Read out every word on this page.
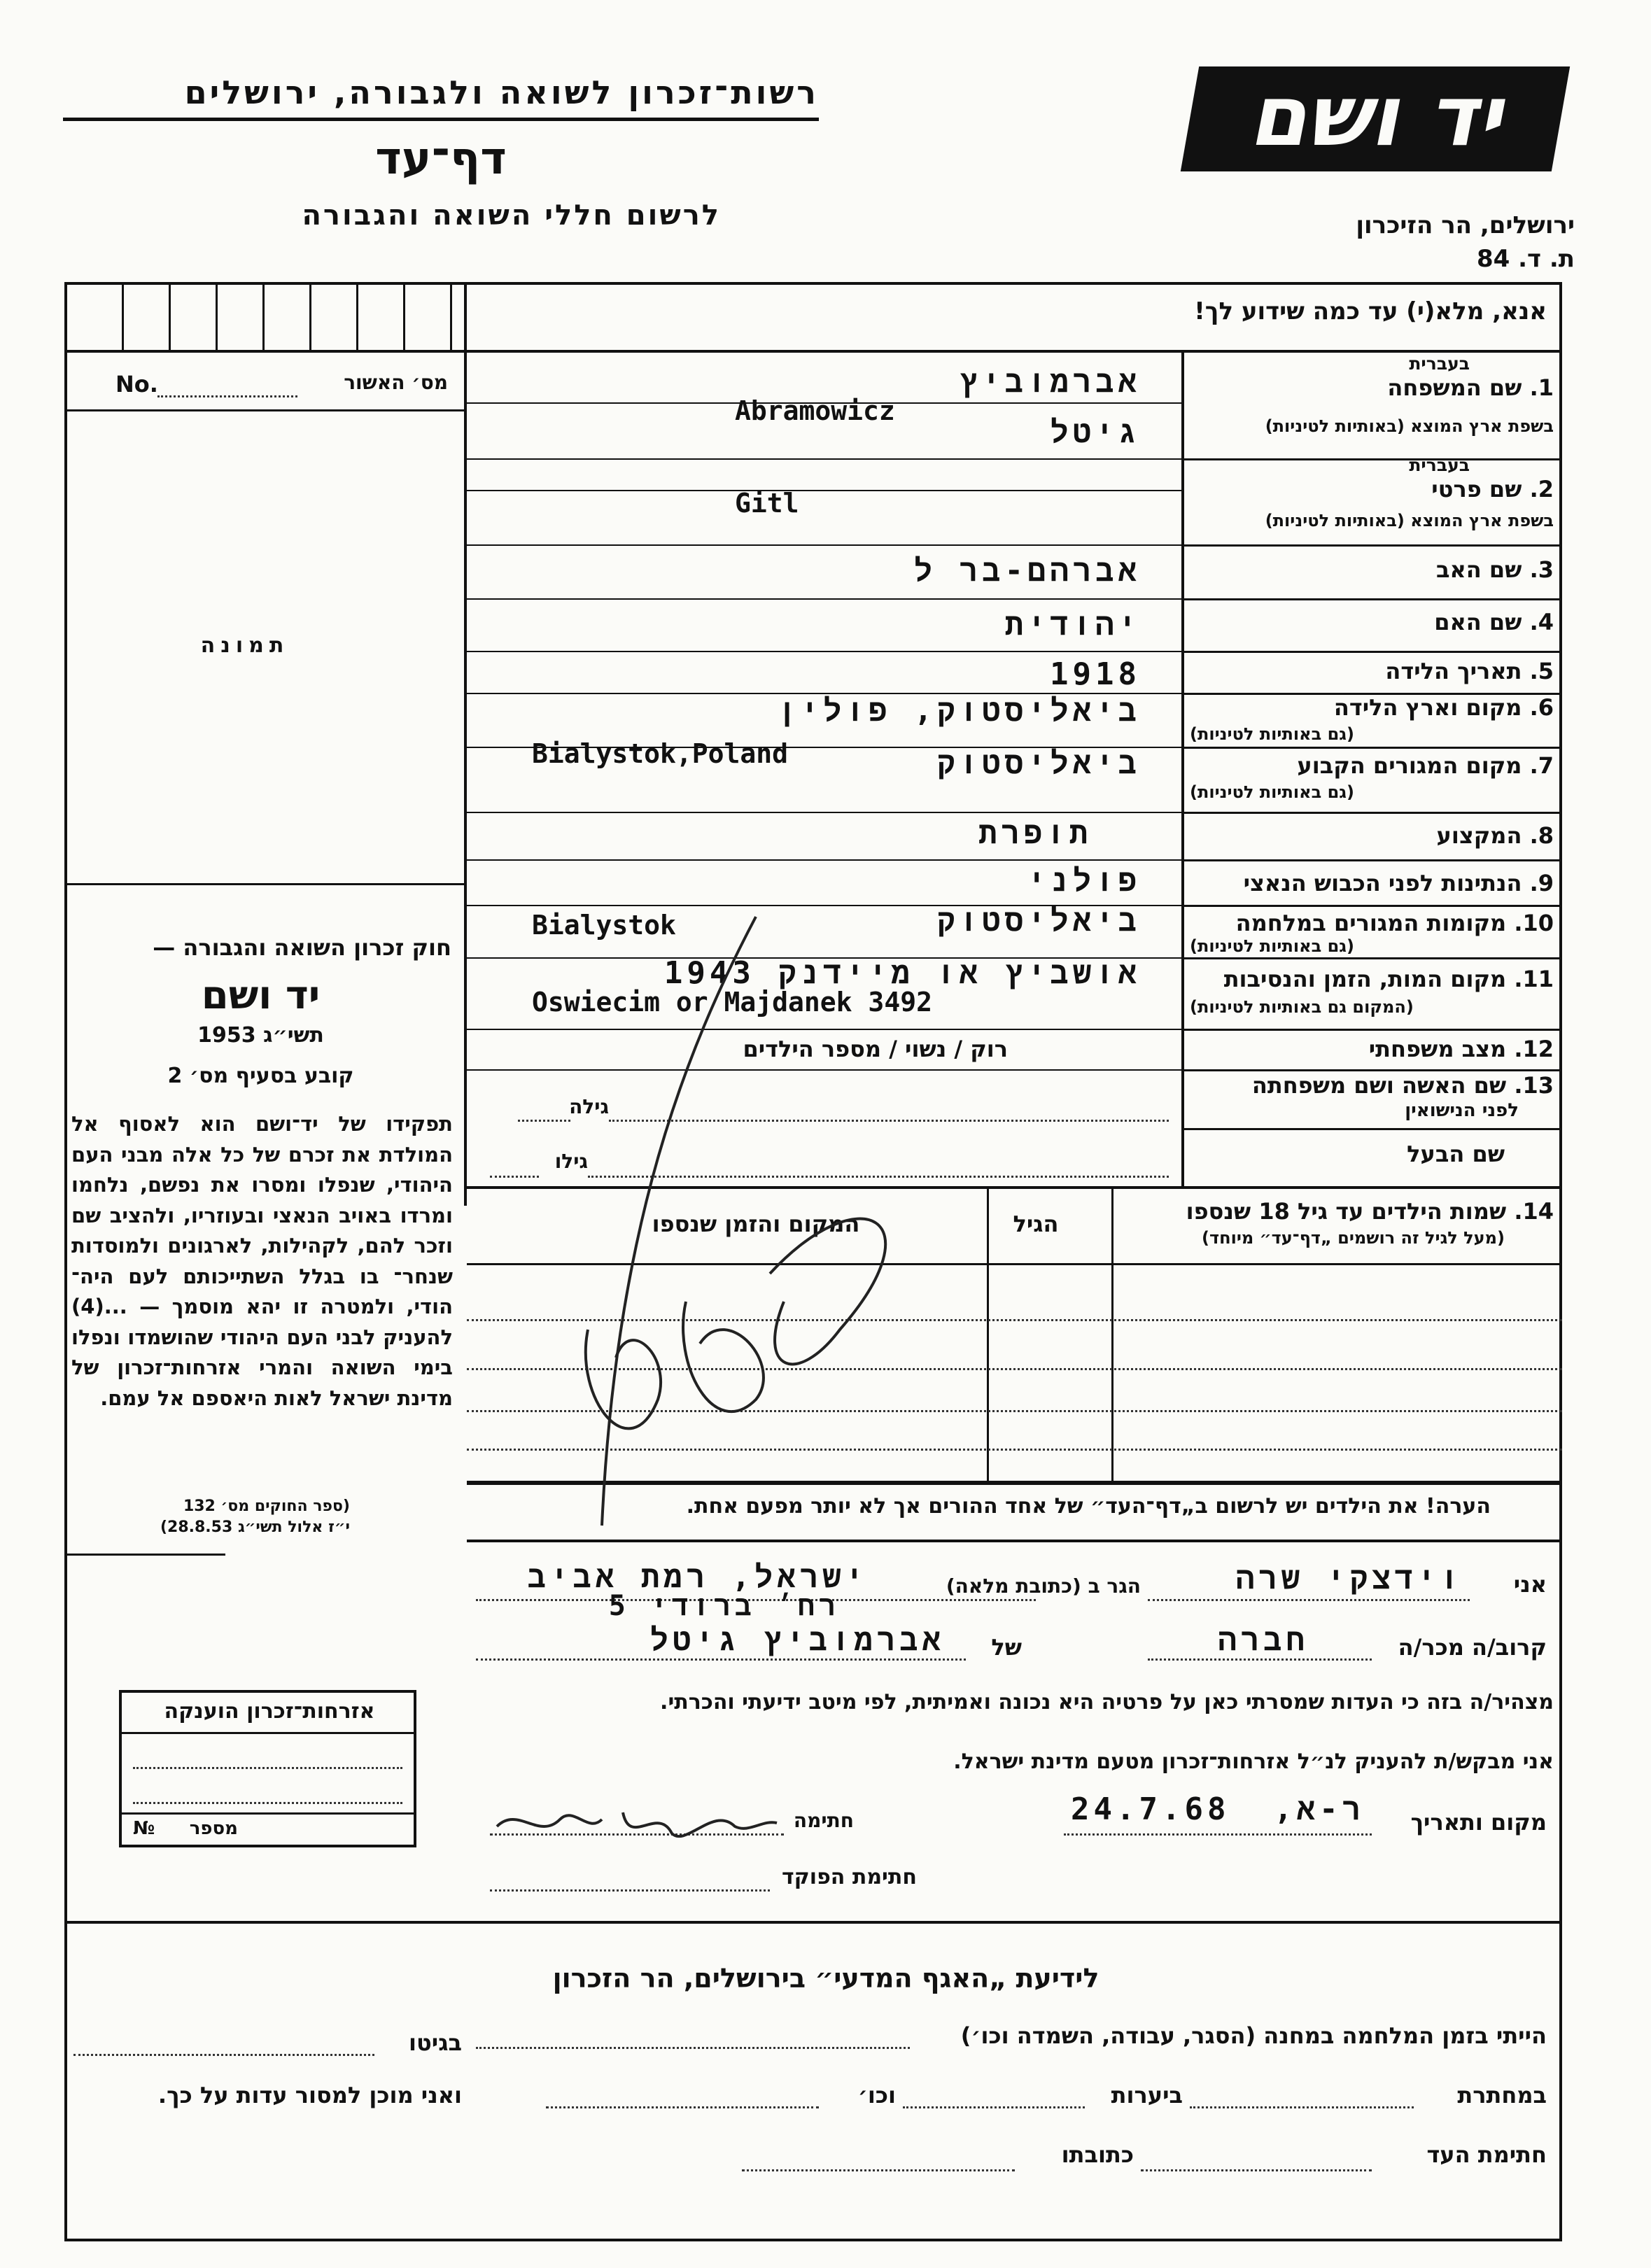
רשות־זכרון לשואה ולגבורה, ירושלים
דף־עד
לרשום חללי השואה והגבורה
יד ושם
ירושלים, הר הזיכרון
ת. ד. 84
אנא, מלא(י) עד כמה שידוע לך!
No.	מס׳ האשור
תמונה
חוק זכרון השואה והגבורה —
יד ושם
תשי״ג 1953
קובע בסעיף מס׳ 2
תפקידו של יד־ושם הוא לאסוף אל המולדת את זכרם של כל אלה מבני העם היהודי, שנפלו ומסרו את נפשם, נלחמו ומרדו באויב הנאצי ובעוזריו, ולהציב שם וזכר להם, לקהילות, לארגונים ולמוסדות שנחר־ בו בגלל השתייכותם לעם היה־ הודי, ולמטרה זו יהא מוסמך — ...(4) להעניק לבני העם היהודי שהושמדו ונפלו בימי השואה והמרי אזרחות־זכרון של מדינת ישראל לאות היאספם אל עמם.
(ספר החוקים מס׳ 132
י״ז אלול תשי״ג 28.8.53)
1. שם המשפחה
בעברית
בשפת ארץ המוצא (באותיות לטיניות)
2. שם פרטי
בעברית
בשפת ארץ המוצא (באותיות לטיניות)
3. שם האב
4. שם האם
5. תאריך הלידה
6. מקום וארץ הלידה
(גם באותיות לטיניות)
7. מקום המגורים הקבוע
(גם באותיות לטיניות)
8. המקצוע
9. הנתינות לפני הכבוש הנאצי
10. מקומות המגורים במלחמה
(גם באותיות לטיניות)
11. מקום המות, הזמן והנסיבות
(המקום גם באותיות לטיניות)
12. מצב משפחתי
13. שם האשה ושם משפחתה
לפני הנישואין
שם הבעל
אברמוביץ
Abramowicz
גיטל
Gitl
אברהם-בר ל
יהודית
1918
ביאליסטוק, פולין
ביאליסטוק
Bialystok,Poland
תופרת
פולני
ביאליסטוק
Bialystok
אושביץ או מיידנק 1943
Oswiecim or Majdanek 3492
רוק / נשוי / מספר הילדים
גילה
גילו
14. שמות הילדים עד גיל 18 שנספו
(מעל לגיל זה רושמים „דף־עד״ מיוחד)
הגיל
המקום והזמן שנספו
הערה! את הילדים יש לרשום ב„דף־העד״ של אחד ההורים אך לא יותר מפעם אחת.
אני
וידצקי שרה
הגר ב (כתובת מלאה)
ישראל, רמת אביב
רח׳ ברודי 5
קרוב/ה מכר/ה
חברה
של
אברמוביץ גיטל
מצהיר/ה בזה כי העדות שמסרתי כאן על פרטיה היא נכונה ואמיתית, לפי מיטב ידיעתי והכרתי.
אני מבקש/ת להעניק לנ״ל אזרחות־זכרון מטעם מדינת ישראל.
מקום ותאריך
ר-א,
24.7.68
חתימה
חתימת הפוקד
אזרחות־זכרון הוענקה
№	מספר
לידיעת „האגף המדעי״ בירושלים, הר הזכרון
הייתי בזמן המלחמה במחנה (הסגר, עבודה, השמדה וכו׳)
בגיטו
במחתרת
ביערות
וכו׳
ואני מוכן למסור עדות על כך.
חתימת העד
כתובתו
